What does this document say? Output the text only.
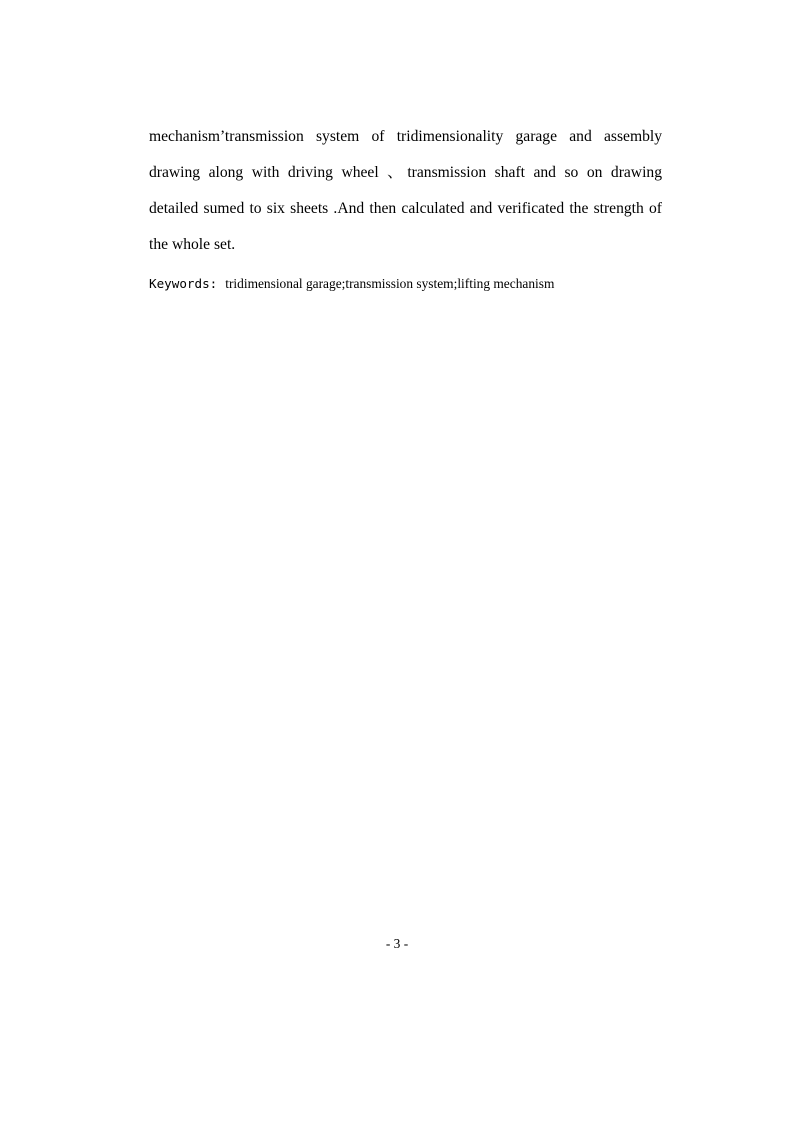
mechanism’transmission system of tridimensionality garage and assembly
drawing along with driving wheel 、transmission shaft and so on drawing
detailed sumed to six sheets .And then calculated and verificated the strength of
the whole set.
Keywords: tridimensional garage;transmission system;lifting mechanism
- 3 -
